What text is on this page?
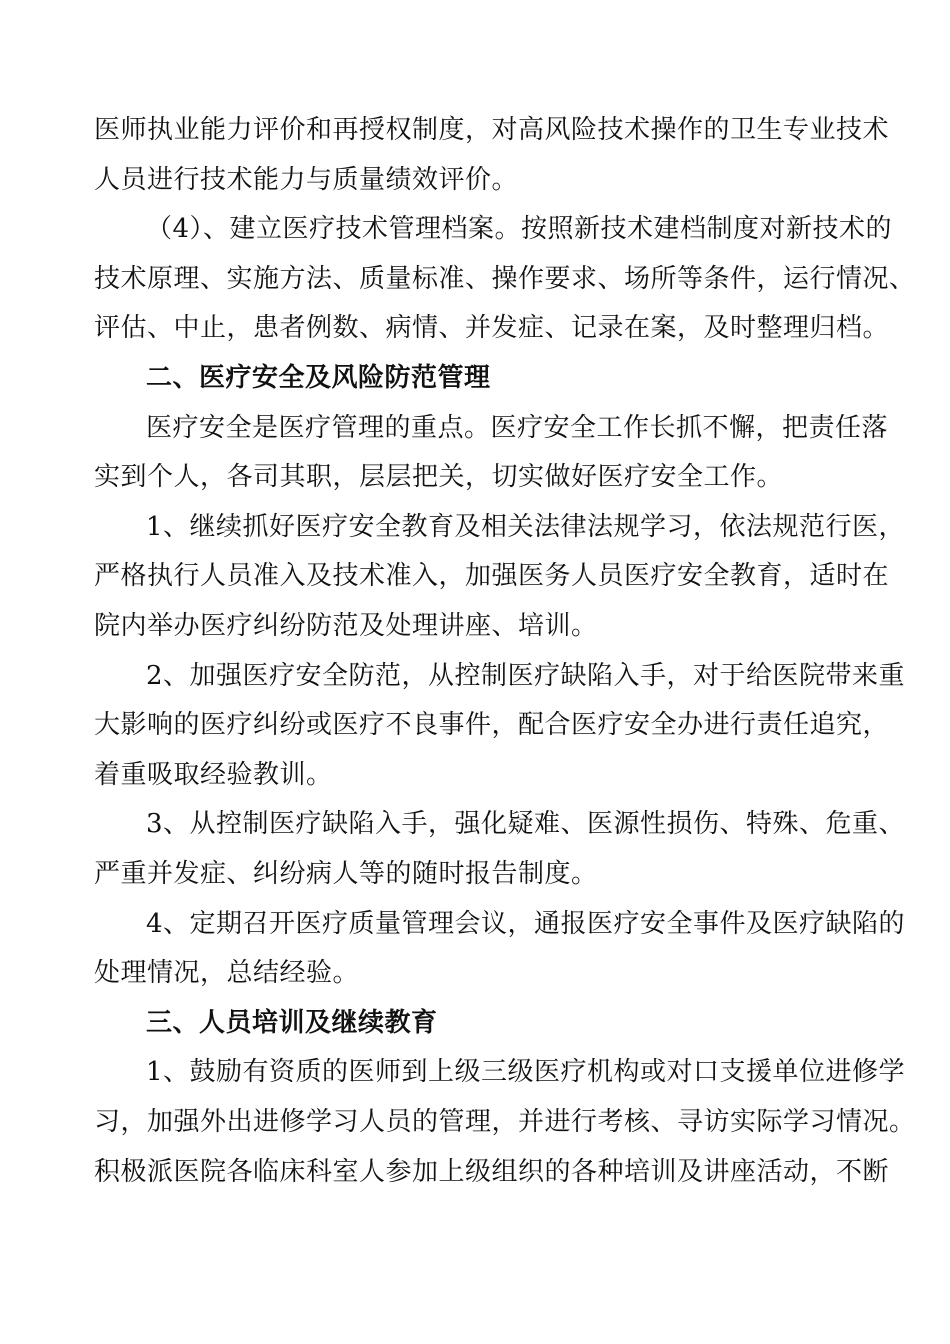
医师执业能力评价和再授权制度，对高风险技术操作的卫生专业技术
人员进行技术能力与质量绩效评价。
（4）、建立医疗技术管理档案。按照新技术建档制度对新技术的
技术原理、实施方法、质量标准、操作要求、场所等条件，运行情况、
评估、中止，患者例数、病情、并发症、记录在案，及时整理归档。
二、医疗安全及风险防范管理
医疗安全是医疗管理的重点。医疗安全工作长抓不懈，把责任落
实到个人，各司其职，层层把关，切实做好医疗安全工作。
1、继续抓好医疗安全教育及相关法律法规学习，依法规范行医，
严格执行人员准入及技术准入，加强医务人员医疗安全教育，适时在
院内举办医疗纠纷防范及处理讲座、培训。
2、加强医疗安全防范，从控制医疗缺陷入手，对于给医院带来重
大影响的医疗纠纷或医疗不良事件，配合医疗安全办进行责任追究，
着重吸取经验教训。
3、从控制医疗缺陷入手，强化疑难、医源性损伤、特殊、危重、
严重并发症、纠纷病人等的随时报告制度。
4、定期召开医疗质量管理会议，通报医疗安全事件及医疗缺陷的
处理情况，总结经验。
三、人员培训及继续教育
1、鼓励有资质的医师到上级三级医疗机构或对口支援单位进修学
习，加强外出进修学习人员的管理，并进行考核、寻访实际学习情况。
积极派医院各临床科室人参加上级组织的各种培训及讲座活动，不断
